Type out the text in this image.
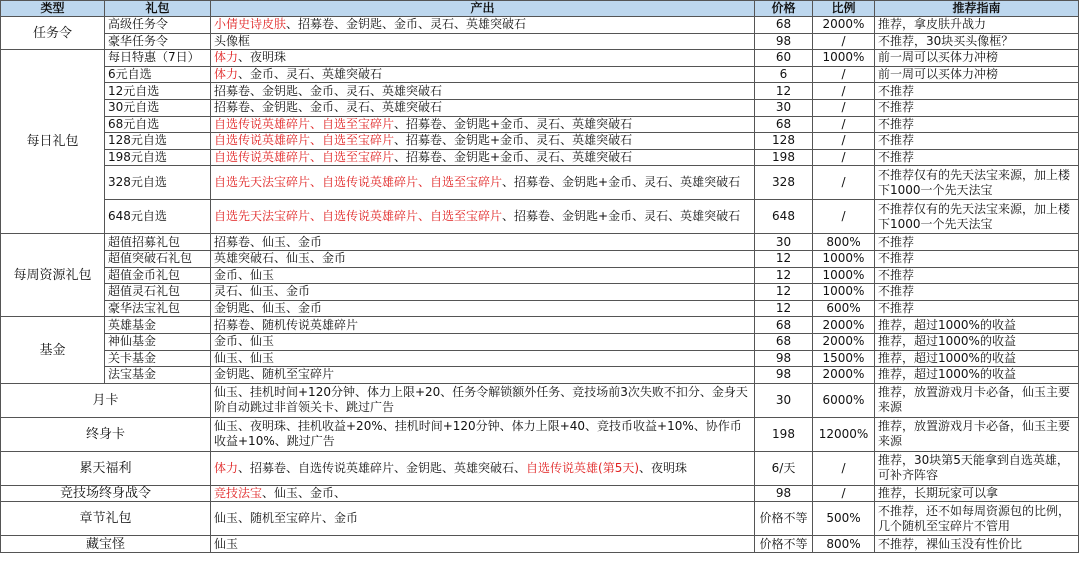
类型	礼包	产出	价格	比例	推荐指南
任务令	高级任务令	小倩史诗皮肤、招募卷、金钥匙、金币、灵石、英雄突破石	68	2000%	推荐，拿皮肤升战力
	豪华任务令	头像框	98	/	不推荐，30块买头像框？
每日礼包	每日特惠（7日）	体力、夜明珠	60	1000%	前一周可以买体力冲榜
	6元自选	体力、金币、灵石、英雄突破石	6	/	前一周可以买体力冲榜
	12元自选	招募卷、金钥匙、金币、灵石、英雄突破石	12	/	不推荐
	30元自选	招募卷、金钥匙、金币、灵石、英雄突破石	30	/	不推荐
	68元自选	自选传说英雄碎片、自选至宝碎片、招募卷、金钥匙+金币、灵石、英雄突破石	68	/	不推荐
	128元自选	自选传说英雄碎片、自选至宝碎片、招募卷、金钥匙+金币、灵石、英雄突破石	128	/	不推荐
	198元自选	自选传说英雄碎片、自选至宝碎片、招募卷、金钥匙+金币、灵石、英雄突破石	198	/	不推荐
	328元自选	自选先天法宝碎片、自选传说英雄碎片、自选至宝碎片、招募卷、金钥匙+金币、灵石、英雄突破石	328	/	不推荐仅有的先天法宝来源，加上楼下1000一个先天法宝
	648元自选	自选先天法宝碎片、自选传说英雄碎片、自选至宝碎片、招募卷、金钥匙+金币、灵石、英雄突破石	648	/	不推荐仅有的先天法宝来源，加上楼下1000一个先天法宝
每周资源礼包	超值招募礼包	招募卷、仙玉、金币	30	800%	不推荐
	超值突破石礼包	英雄突破石、仙玉、金币	12	1000%	不推荐
	超值金币礼包	金币、仙玉	12	1000%	不推荐
	超值灵石礼包	灵石、仙玉、金币	12	1000%	不推荐
	豪华法宝礼包	金钥匙、仙玉、金币	12	600%	不推荐
基金	英雄基金	招募卷、随机传说英雄碎片	68	2000%	推荐，超过1000%的收益
	神仙基金	金币、仙玉	68	2000%	推荐，超过1000%的收益
	关卡基金	仙玉、仙玉	98	1500%	推荐，超过1000%的收益
	法宝基金	金钥匙、随机至宝碎片	98	2000%	推荐，超过1000%的收益
月卡		仙玉、挂机时间+120分钟、体力上限+20、任务令解锁额外任务、竞技场前3次失败不扣分、金身天阶自动跳过非首领关卡、跳过广告	30	6000%	推荐，放置游戏月卡必备，仙玉主要来源
终身卡		仙玉、夜明珠、挂机收益+20%、挂机时间+120分钟、体力上限+40、竞技币收益+10%、协作币收益+10%、跳过广告	198	12000%	推荐，放置游戏月卡必备，仙玉主要来源
累天福利		体力、招募卷、自选传说英雄碎片、金钥匙、英雄突破石、自选传说英雄(第5天)、夜明珠	6/天	/	推荐，30块第5天能拿到自选英雄，可补齐阵容
竞技场终身战令		竞技法宝、仙玉、金币、	98	/	推荐，长期玩家可以拿
章节礼包		仙玉、随机至宝碎片、金币	价格不等	500%	不推荐，还不如每周资源包的比例，几个随机至宝碎片不管用
藏宝怪		仙玉	价格不等	800%	不推荐，裸仙玉没有性价比
